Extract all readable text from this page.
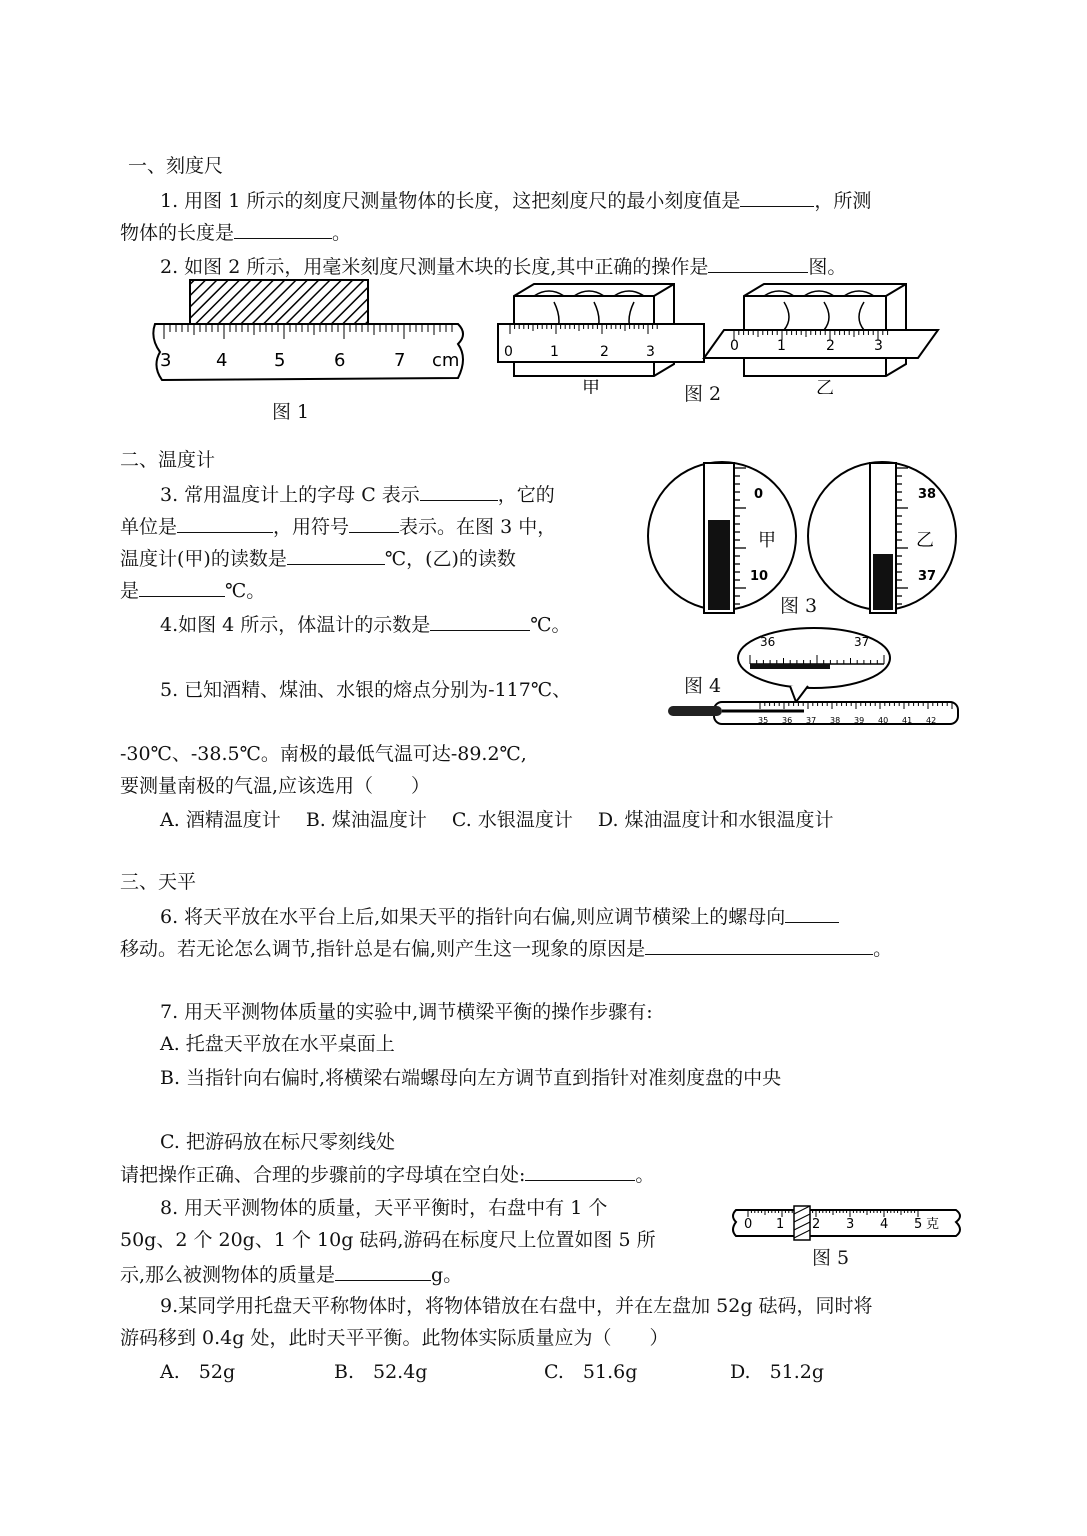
一、刻度尺
1. 用图 1 所示的刻度尺测量物体的长度，这把刻度尺的最小刻度值是	，所测
物体的长度是	。
2. 如图 2 所示，用毫米刻度尺测量木块的长度,其中正确的操作是	图。
3 4	5	6	7 cm
图 1
0	1	2	3
甲
0	1	2	3
乙
图 2
二、温度计
3. 常用温度计上的字母 C 表示	，它的
单位是	，用符号	表示。在图 3 中，
温度计(甲)的读数是	℃，(乙)的读数
是	℃。
4.如图 4 所示，体温计的示数是	℃。
5. 已知酒精、煤油、水银的熔点分别为-117℃、
-30℃、-38.5℃。南极的最低气温可达-89.2℃,
要测量南极的气温,应该选用（　　）
A. 酒精温度计　 B. 煤油温度计　 C. 水银温度计　 D. 煤油温度计和水银温度计
0
10
甲
38
37
乙
图 3
36	37
35 36 37 38 39 40 41 42
图 4
三、天平
6. 将天平放在水平台上后,如果天平的指针向右偏,则应调节横梁上的螺母向
移动。若无论怎么调节,指针总是右偏,则产生这一现象的原因是	。
7. 用天平测物体质量的实验中,调节横梁平衡的操作步骤有:
A. 托盘天平放在水平桌面上
B. 当指针向右偏时,将横梁右端螺母向左方调节直到指针对准刻度盘的中央
C. 把游码放在标尺零刻线处
请把操作正确、合理的步骤前的字母填在空白处:	。
8. 用天平测物体的质量，天平平衡时，右盘中有 1 个
50g、2 个 20g、1 个 10g 砝码,游码在标度尺上位置如图 5 所
示,那么被测物体的质量是	g。
0 1 2 3 4 5 克
图 5
9.某同学用托盘天平称物体时，将物体错放在右盘中，并在左盘加 52g 砝码，同时将
游码移到 0.4g 处，此时天平平衡。此物体实际质量应为（　　）
A.　52g	B.　52.4g	C.　51.6g	D.　51.2g
